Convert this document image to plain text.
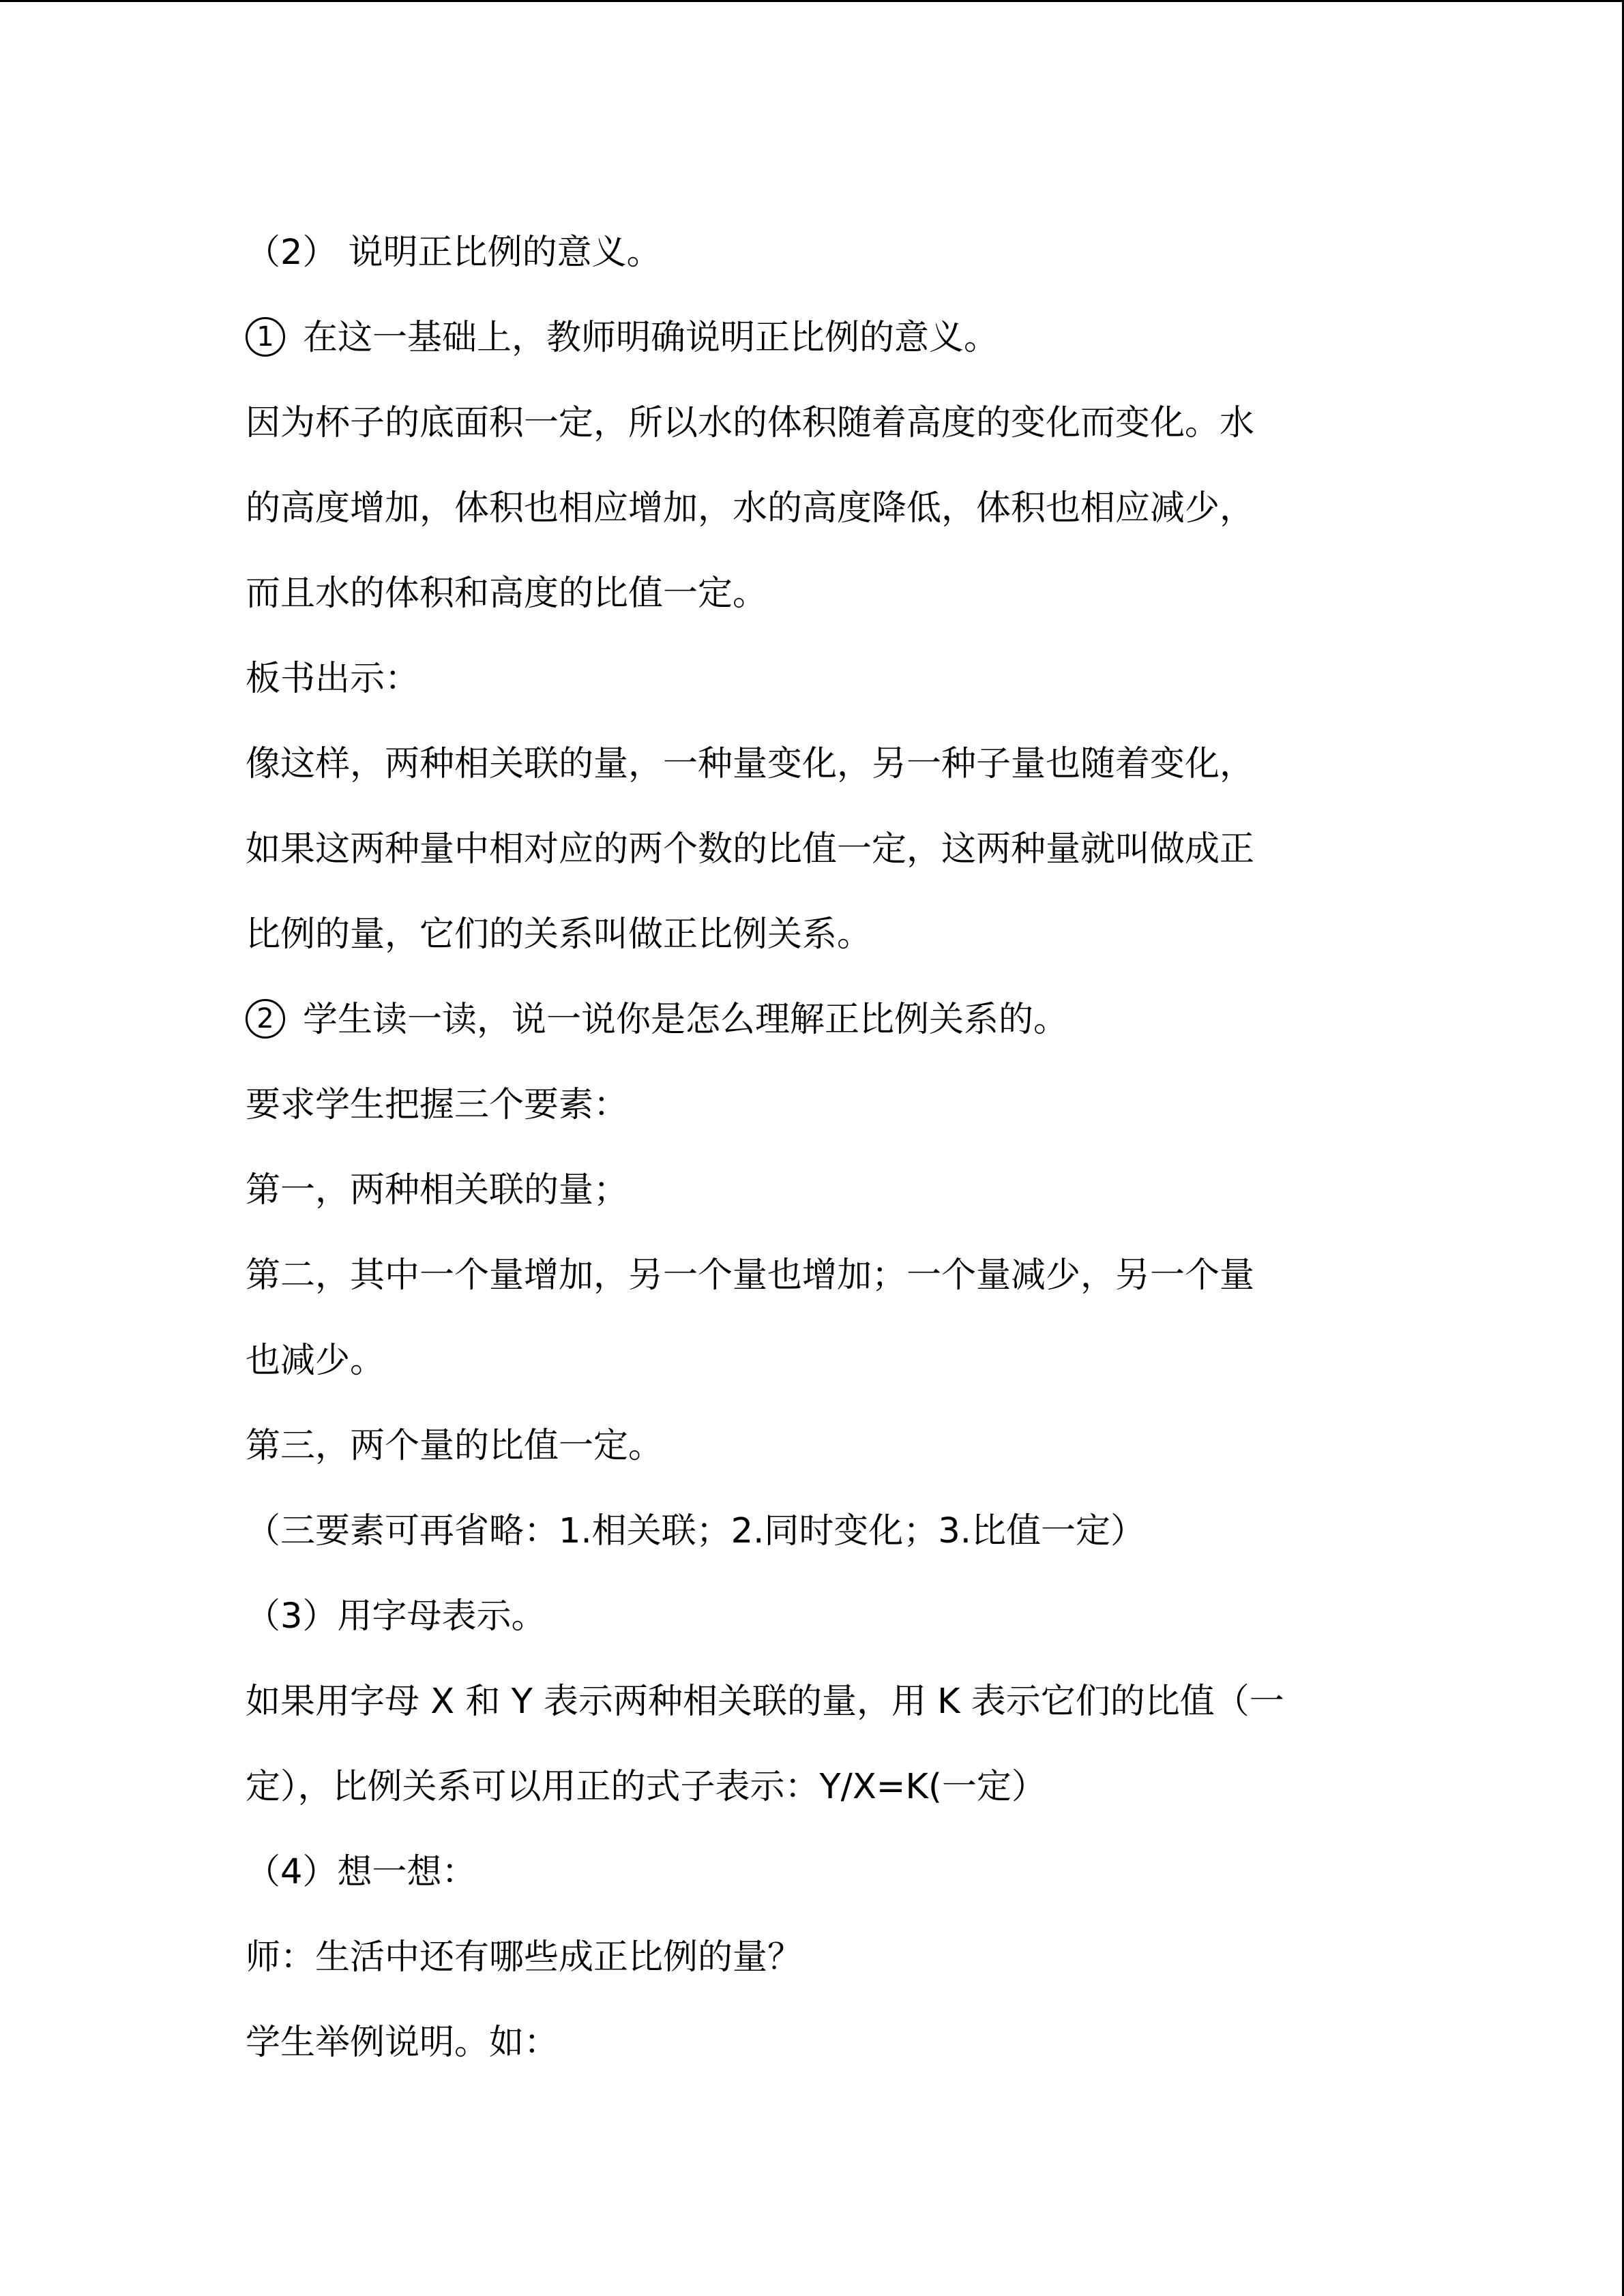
（2） 说明正比例的意义。
1 在这一基础上，教师明确说明正比例的意义。
因为杯子的底面积一定，所以水的体积随着高度的变化而变化。水
的高度增加，体积也相应增加，水的高度降低，体积也相应减少，
而且水的体积和高度的比值一定。
板书出示：
像这样，两种相关联的量，一种量变化，另一种子量也随着变化，
如果这两种量中相对应的两个数的比值一定，这两种量就叫做成正
比例的量，它们的关系叫做正比例关系。
2 学生读一读，说一说你是怎么理解正比例关系的。
要求学生把握三个要素：
第一，两种相关联的量；
第二，其中一个量增加，另一个量也增加；一个量减少，另一个量
也减少。
第三，两个量的比值一定。
（三要素可再省略：1.相关联；2.同时变化；3.比值一定）
（3）用字母表示。
如果用字母 X 和 Y 表示两种相关联的量，用 K 表示它们的比值（一
定），比例关系可以用正的式子表示：Y/X=K(一定）
（4）想一想：
师：生活中还有哪些成正比例的量？
学生举例说明。如：
